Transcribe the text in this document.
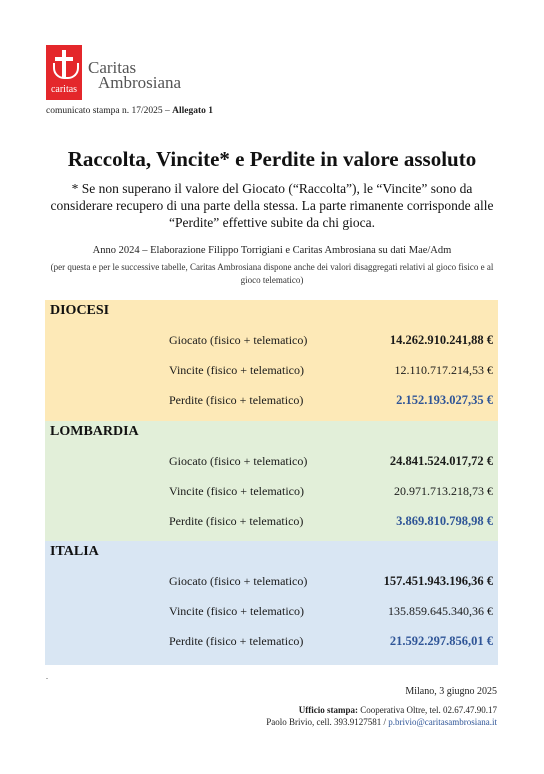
caritas
Caritas
Ambrosiana
comunicato stampa n. 17/2025 – Allegato 1
Raccolta, Vincite* e Perdite in valore assoluto
* Se non superano il valore del Giocato (“Raccolta”), le “Vincite” sono da considerare recupero di una parte della stessa. La parte rimanente corrisponde alle “Perdite” effettive subite da chi gioca.
Anno 2024 – Elaborazione Filippo Torrigiani e Caritas Ambrosiana su dati Mae/Adm
(per questa e per le successive tabelle, Caritas Ambrosiana dispone anche dei valori disaggregati relativi al gioco fisico e al gioco telematico)
DIOCESI
Giocato (fisico + telematico)	14.262.910.241,88 €
Vincite (fisico + telematico)	12.110.717.214,53 €
Perdite (fisico + telematico)	2.152.193.027,35 €
LOMBARDIA
Giocato (fisico + telematico)	24.841.524.017,72 €
Vincite (fisico + telematico)	20.971.713.218,73 €
Perdite (fisico + telematico)	3.869.810.798,98 €
ITALIA
Giocato (fisico + telematico)	157.451.943.196,36 €
Vincite (fisico + telematico)	135.859.645.340,36 €
Perdite (fisico + telematico)	21.592.297.856,01 €
.
Milano, 3 giugno 2025
Ufficio stampa: Cooperativa Oltre, tel. 02.67.47.90.17
Paolo Brivio, cell. 393.9127581 / p.brivio@caritasambrosiana.it
